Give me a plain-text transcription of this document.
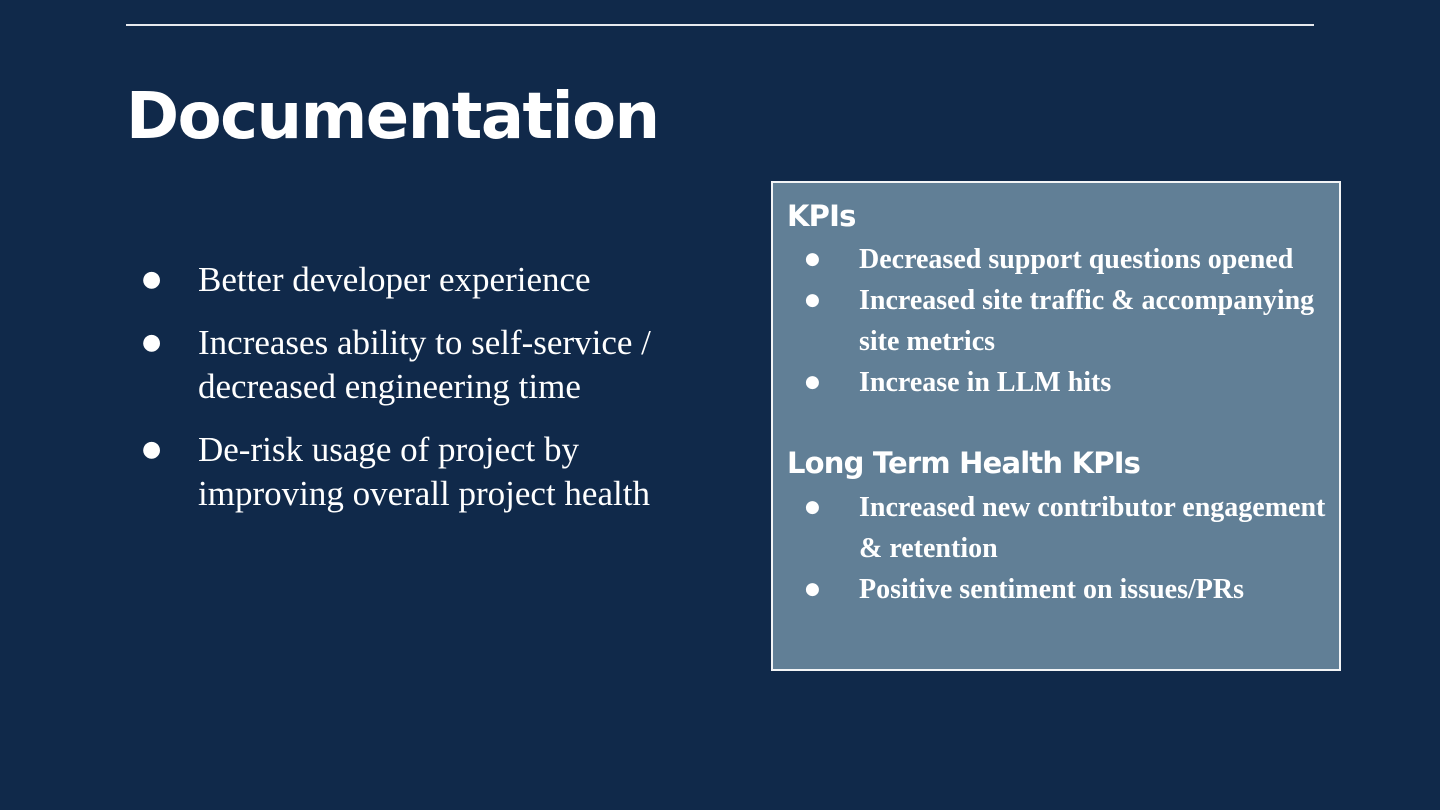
Documentation
● Better developer experience
● Increases ability to self-service / decreased engineering time
● De-risk usage of project by improving overall project health
KPIs
● Decreased support questions opened
● Increased site traffic & accompanying site metrics
● Increase in LLM hits
Long Term Health KPIs
● Increased new contributor engagement & retention
● Positive sentiment on issues/PRs
